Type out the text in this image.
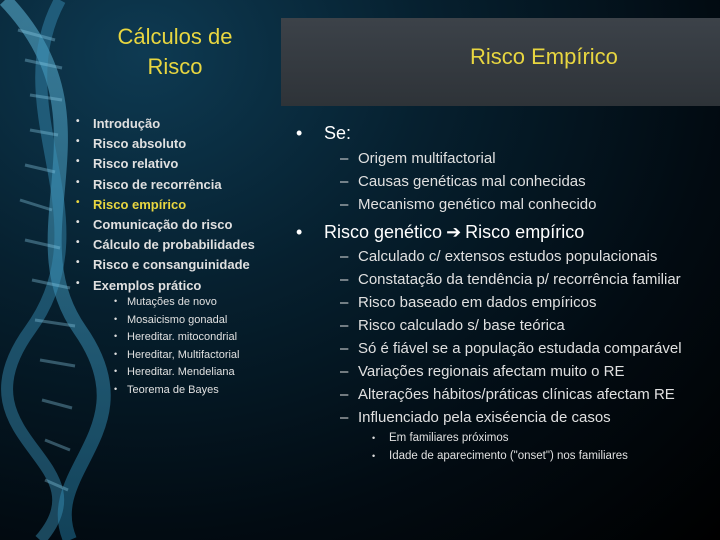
Cálculos de
Risco	Risco Empírico
• Introdução
• Risco absoluto
• Risco relativo
• Risco de recorrência
• Risco empírico
• Comunicação do risco
• Cálculo de probabilidades
• Risco e consanguinidade
• Exemplos prático
• Mutações de novo
• Mosaicismo gonadal
• Hereditar. mitocondrial
• Hereditar, Multifactorial
• Hereditar. Mendeliana
• Teorema de Bayes
• Se:
– Origem multifactorial
– Causas genéticas mal conhecidas
– Mecanismo genético mal conhecido
• Risco genético ➔ Risco empírico
– Calculado c/ extensos estudos populacionais
– Constatação da tendência p/ recorrência familiar
– Risco baseado em dados empíricos
– Risco calculado s/ base teórica
– Só é fiável se a população estudada comparável
– Variações regionais afectam muito o RE
– Alterações hábitos/práticas clínicas afectam RE
– Influenciado pela exiséencia de casos
• Em familiares próximos
• Idade de aparecimento ("onset") nos familiares
